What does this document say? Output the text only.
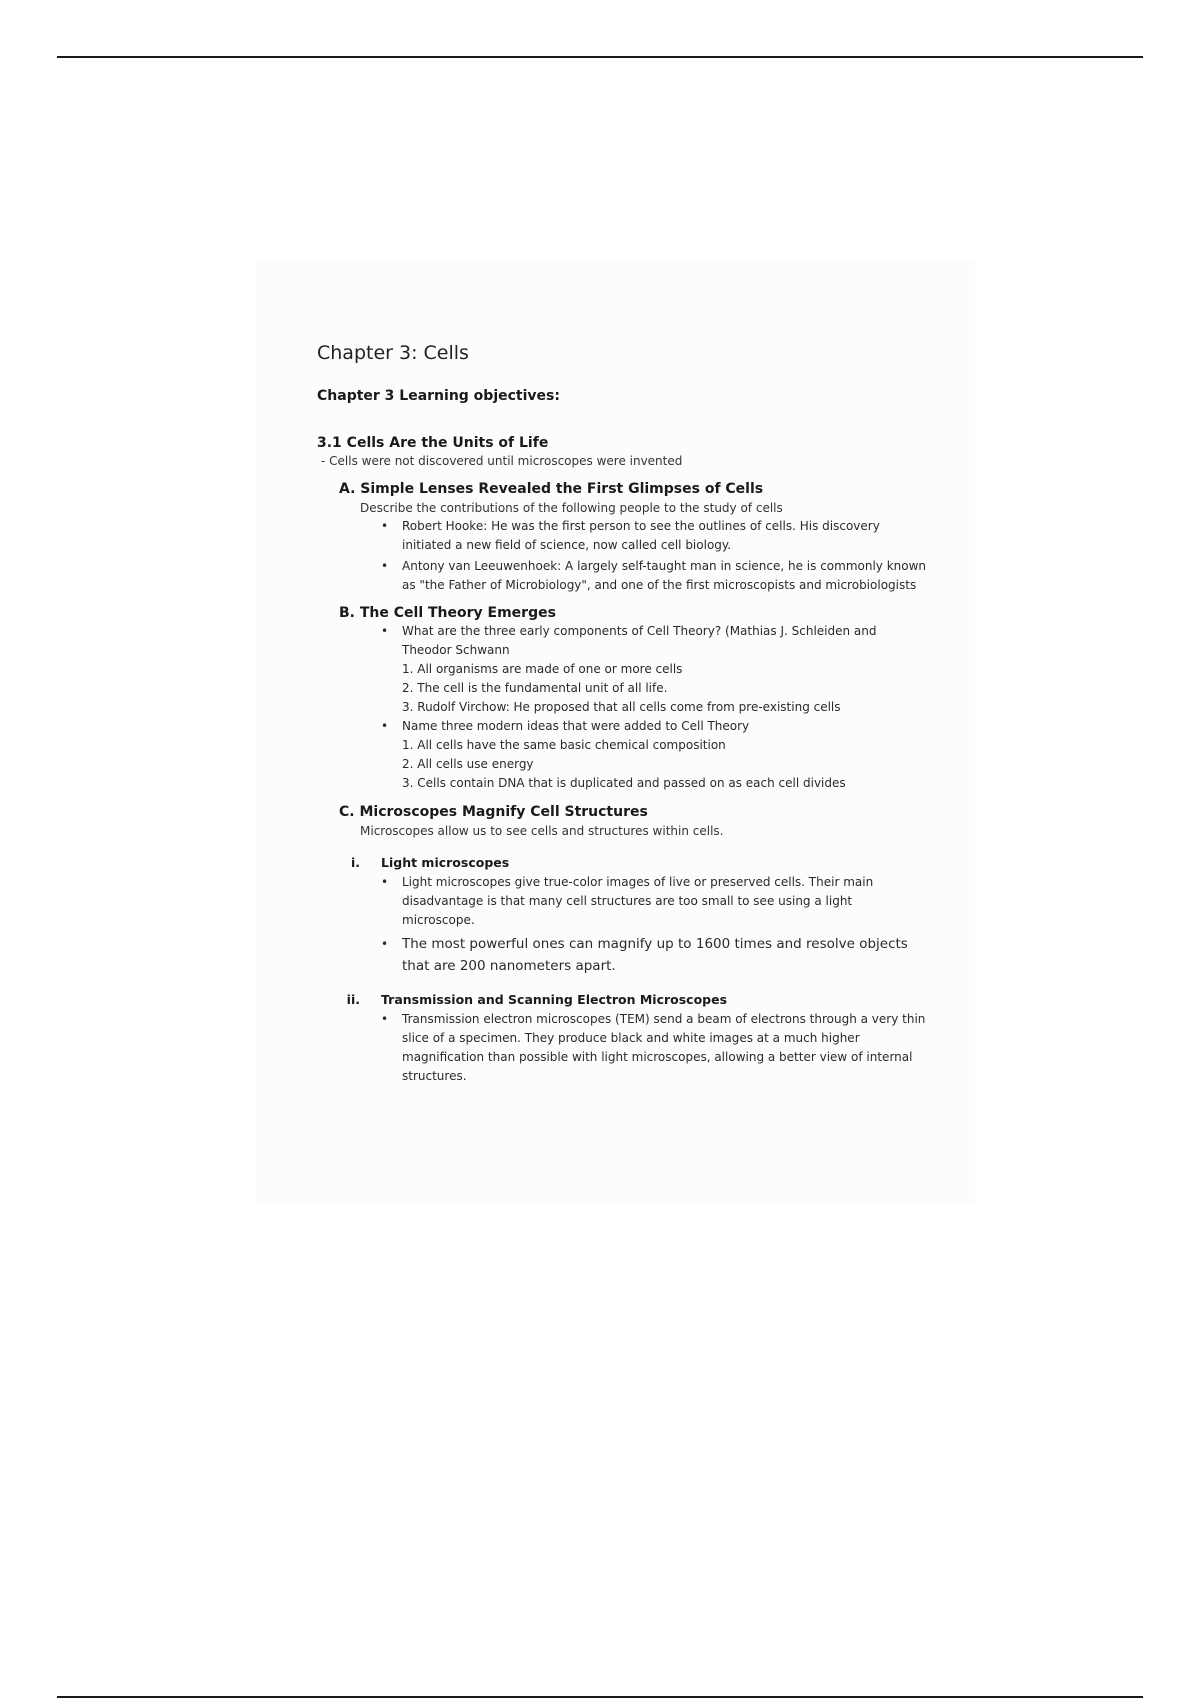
Chapter 3: Cells
Chapter 3 Learning objectives:
3.1 Cells Are the Units of Life
- Cells were not discovered until microscopes were invented
A. Simple Lenses Revealed the First Glimpses of Cells
Describe the contributions of the following people to the study of cells
• Robert Hooke: He was the first person to see the outlines of cells. His discovery initiated a new field of science, now called cell biology.
• Antony van Leeuwenhoek: A largely self-taught man in science, he is commonly known as "the Father of Microbiology", and one of the first microscopists and microbiologists
B. The Cell Theory Emerges
• What are the three early components of Cell Theory? (Mathias J. Schleiden and Theodor Schwann
1. All organisms are made of one or more cells
2. The cell is the fundamental unit of all life.
3. Rudolf Virchow: He proposed that all cells come from pre-existing cells
• Name three modern ideas that were added to Cell Theory
1. All cells have the same basic chemical composition
2. All cells use energy
3. Cells contain DNA that is duplicated and passed on as each cell divides
C. Microscopes Magnify Cell Structures
Microscopes allow us to see cells and structures within cells.
i.	Light microscopes
• Light microscopes give true-color images of live or preserved cells. Their main disadvantage is that many cell structures are too small to see using a light microscope.
• The most powerful ones can magnify up to 1600 times and resolve objects that are 200 nanometers apart.
ii.	Transmission and Scanning Electron Microscopes
• Transmission electron microscopes (TEM) send a beam of electrons through a very thin slice of a specimen. They produce black and white images at a much higher magnification than possible with light microscopes, allowing a better view of internal structures.
